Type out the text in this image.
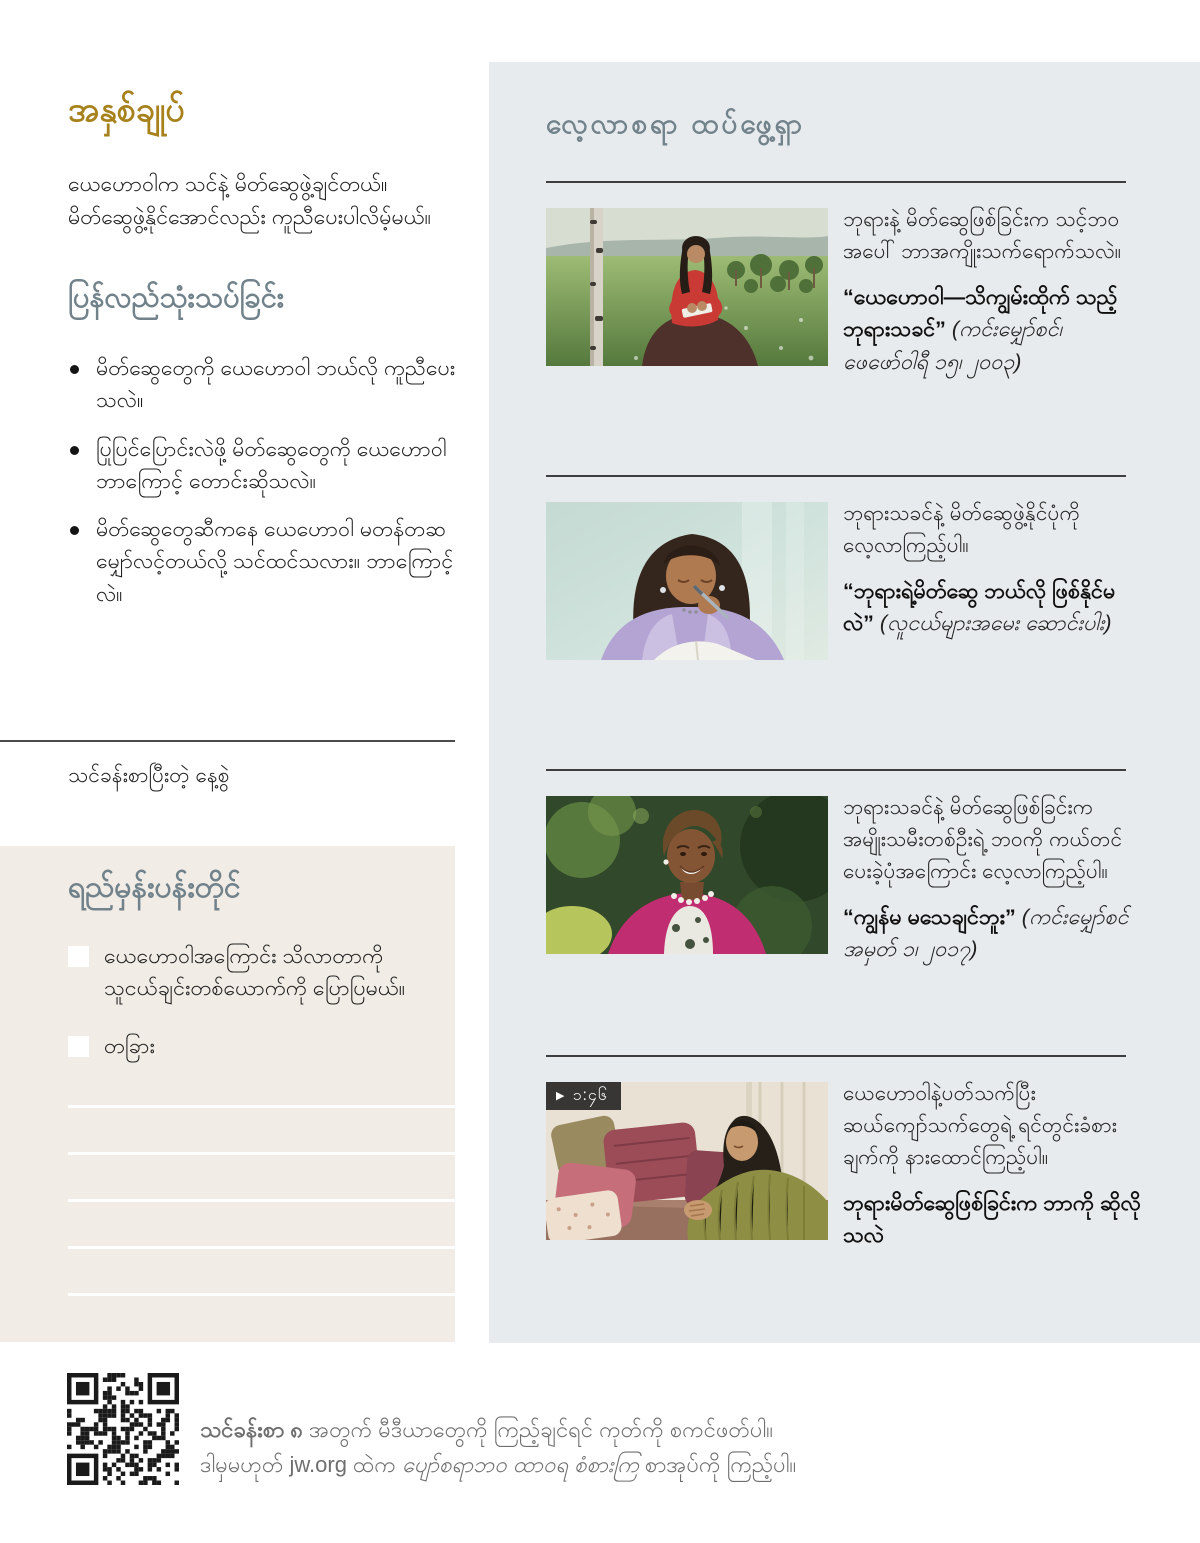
အနှစ်ချုပ်

ယေဟောဝါက သင်နဲ့ မိတ်ဆွေဖွဲ့ချင်တယ်။ မိတ်ဆွေဖွဲ့နိုင်အောင်လည်း ကူညီပေးပါလိမ့်မယ်။

ပြန်လည်သုံးသပ်ခြင်း
မိတ်ဆွေတွေကို ယေဟောဝါ ဘယ်လို ကူညီပေးသလဲ။
ပြုပြင်ပြောင်းလဲဖို့ မိတ်ဆွေတွေကို ယေဟောဝါ ဘာကြောင့် တောင်းဆိုသလဲ။
မိတ်ဆွေတွေဆီကနေ ယေဟောဝါ မတန်တဆ မျှော်လင့်တယ်လို့ သင်ထင်သလား။ ဘာကြောင့်လဲ။
သင်ခန်းစာပြီးတဲ့ နေ့စွဲ
ရည်မှန်းပန်းတိုင်
ယေဟောဝါအကြောင်း သိလာတာကို သူငယ်ချင်းတစ်ယောက်ကို ပြောပြမယ်။
တခြား
လေ့လာစရာ ထပ်ဖွေ့ရှာ

ဘုရားနဲ့ မိတ်ဆွေဖြစ်ခြင်းက သင့်ဘဝအပေါ် ဘာအကျိုးသက်ရောက်သလဲ။

“ယေဟောဝါ—သိကျွမ်းထိုက် သည့်ဘုရားသခင်” (ကင်းမျှော်စင်၊ ဖေဖော်ဝါရီ ၁၅၊ ၂၀၀၃)

ဘုရားသခင်နဲ့ မိတ်ဆွေဖွဲ့နိုင်ပုံကို လေ့လာကြည့်ပါ။

“ဘုရားရဲ့မိတ်ဆွေ ဘယ်လို ဖြစ်နိုင်မလဲ” (လူငယ်များအမေး ဆောင်းပါး)

ဘုရားသခင်နဲ့ မိတ်ဆွေဖြစ်ခြင်းက အမျိုးသမီးတစ်ဦးရဲ့ ဘဝကို ကယ်တင်ပေးခဲ့ပုံအကြောင်း လေ့လာကြည့်ပါ။

“ကျွန်မ မသေချင်ဘူး” (ကင်းမျှော်စင် အမှတ် ၁၊ ၂၀၁၇)

▶ ၁:၄၆	ယေဟောဝါနဲ့ပတ်သက်ပြီး ဆယ်ကျော်သက်တွေရဲ့ ရင်တွင်းခံစားချက်ကို နားထောင်ကြည့်ပါ။

ဘုရားမိတ်ဆွေဖြစ်ခြင်းက ဘာကို ဆိုလိုသလဲ

သင်ခန်းစာ ၈ အတွက် မီဒီယာတွေကို ကြည့်ချင်ရင် ကုတ်ကို စကင်ဖတ်ပါ။

ဒါမှမဟုတ် jw.org ထဲက ပျော်စရာဘဝ ထာဝရ စံစားကြ စာအုပ်ကို ကြည့်ပါ။
